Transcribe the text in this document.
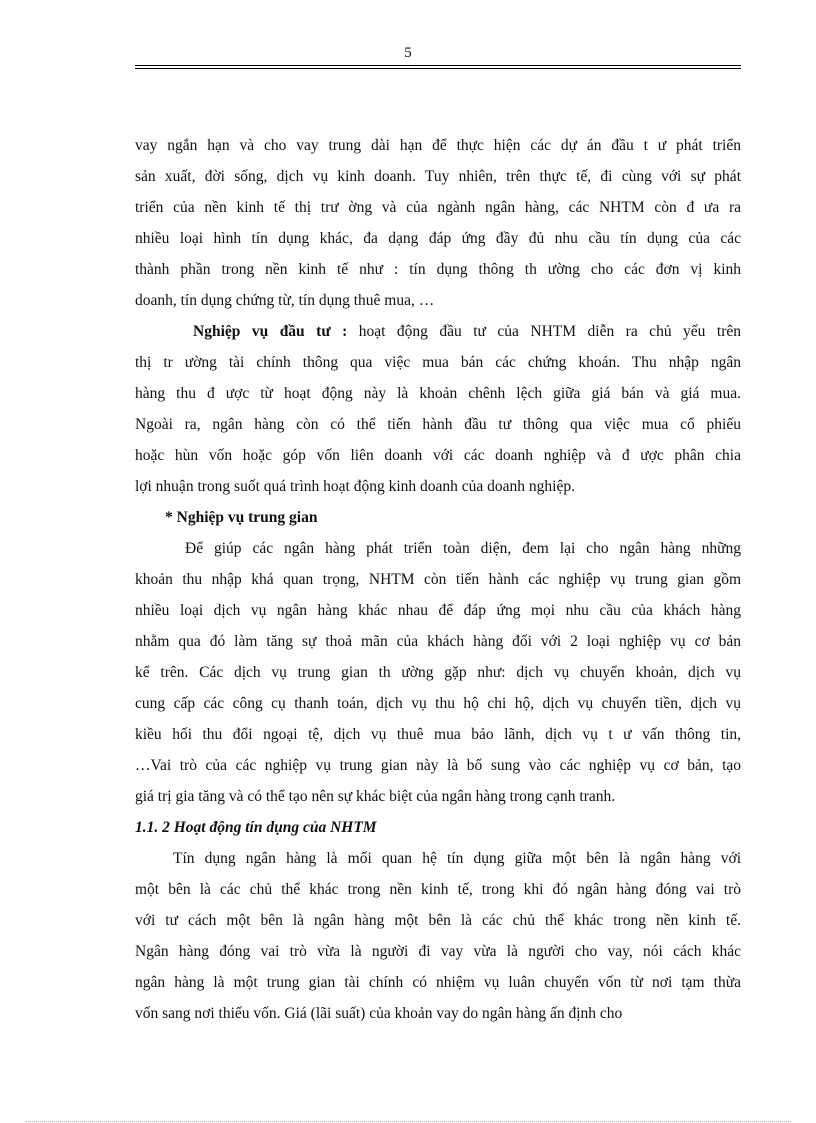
5
vay ngắn hạn và cho vay trung dài hạn để thực hiện các dự án đầu t ư phát triển
sản xuất, đời sống, dịch vụ kinh doanh. Tuy nhiên, trên thực tế, đi cùng với sự phát
triển của nền kinh tế thị trư ờng và của ngành ngân hàng, các NHTM còn đ ưa ra
nhiều loại hình tín dụng khác, đa dạng đáp ứng đầy đủ nhu cầu tín dụng của các
thành phần trong nền kinh tế như : tín dụng thông th ường cho các đơn vị kinh
doanh, tín dụng chứng từ, tín dụng thuê mua, …
Nghiệp vụ đầu tư : hoạt động đầu tư của NHTM diễn ra chủ yếu trên
thị tr ường tài chính thông qua việc mua bán các chứng khoán. Thu nhập ngân
hàng thu đ ược từ hoạt động này là khoản chênh lệch giữa giá bán và giá mua.
Ngoài ra, ngân hàng còn có thể tiến hành đầu tư thông qua việc mua cổ phiếu
hoặc hùn vốn hoặc góp vốn liên doanh với các doanh nghiệp và đ ược phân chia
lợi nhuận trong suốt quá trình hoạt động kinh doanh của doanh nghiệp.
* Nghiệp vụ trung gian
Để giúp các ngân hàng phát triển toàn diện, đem lại cho ngân hàng những
khoản thu nhập khá quan trọng, NHTM còn tiến hành các nghiệp vụ trung gian gồm
nhiều loại dịch vụ ngân hàng khác nhau để đáp ứng mọi nhu cầu của khách hàng
nhằm qua đó làm tăng sự thoả mãn của khách hàng đối với 2 loại nghiệp vụ cơ bản
kể trên. Các dịch vụ trung gian th ường gặp như: dịch vụ chuyển khoản, dịch vụ
cung cấp các công cụ thanh toán, dịch vụ thu hộ chi hộ, dịch vụ chuyển tiền, dịch vụ
kiều hối thu đổi ngoại tệ, dịch vụ thuê mua bảo lãnh, dịch vụ t ư vấn thông tin,
…Vai trò của các nghiệp vụ trung gian này là bổ sung vào các nghiệp vụ cơ bản, tạo
giá trị gia tăng và có thể tạo nên sự khác biệt của ngân hàng trong cạnh tranh.
1.1. 2 Hoạt động tín dụng của NHTM
Tín dụng ngân hàng là mối quan hệ tín dụng giữa một bên là ngân hàng với
một bên là các chủ thể khác trong nền kinh tế, trong khi đó ngân hàng đóng vai trò
với tư cách một bên là ngân hàng một bên là các chủ thể khác trong nền kinh tế.
Ngân hàng đóng vai trò vừa là người đi vay vừa là người cho vay, nói cách khác
ngân hàng là một trung gian tài chính có nhiệm vụ luân chuyển vốn từ nơi tạm thừa
vốn sang nơi thiếu vốn. Giá (lãi suất) của khoản vay do ngân hàng ấn định cho
